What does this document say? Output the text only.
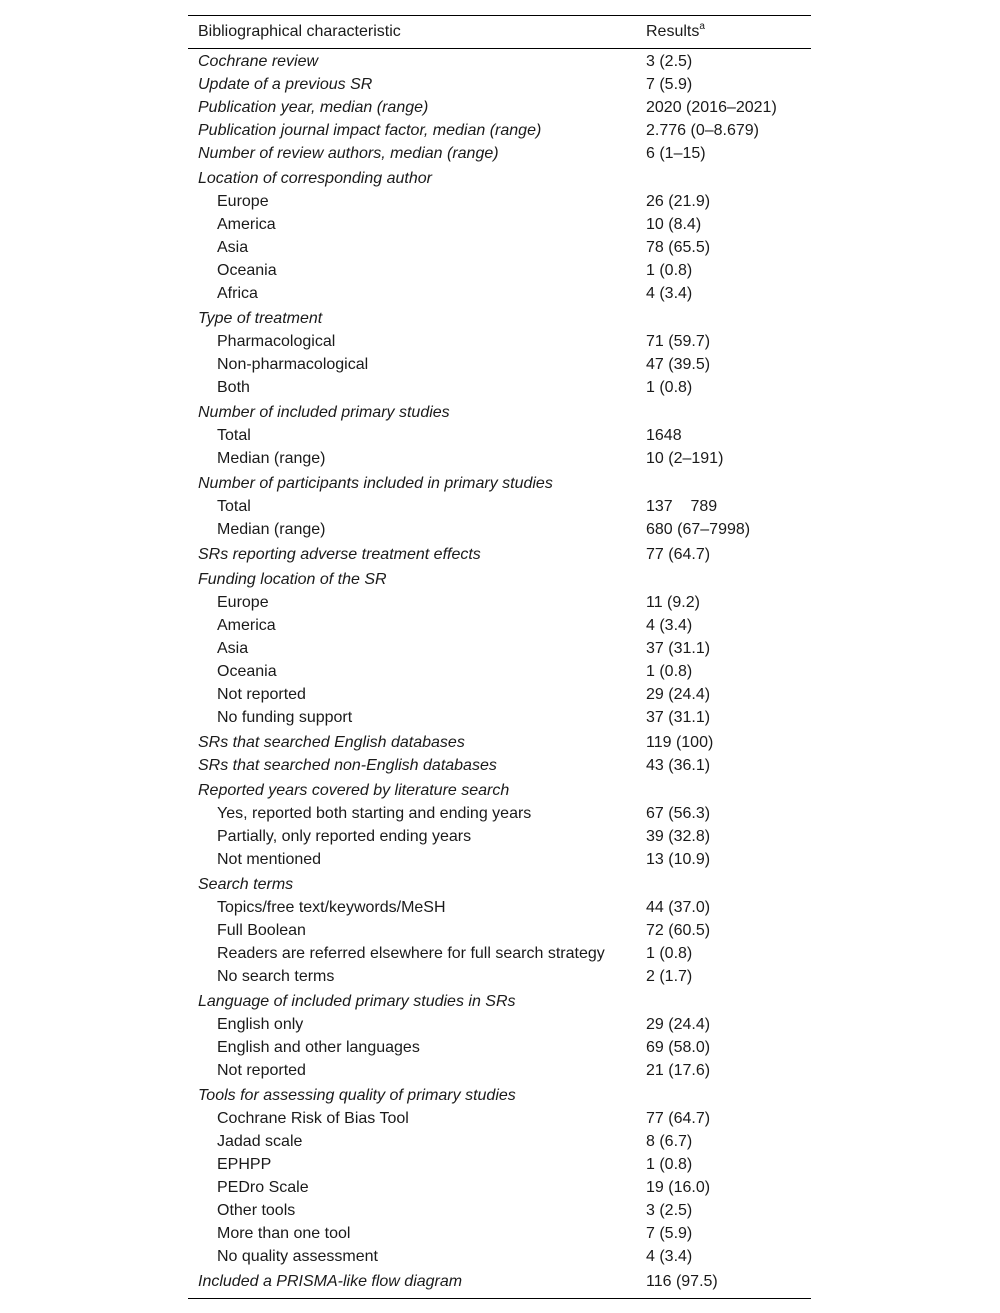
Bibliographical characteristic	Results$^a$
Cochrane review	3 (2.5)
Update of a previous SR	7 (5.9)
Publication year, median (range)	2020 (2016–2021)
Publication journal impact factor, median (range)	2.776 (0–8.679)
Number of review authors, median (range)	6 (1–15)
Location of corresponding author
Europe	26 (21.9)
America	10 (8.4)
Asia	78 (65.5)
Oceania	1 (0.8)
Africa	4 (3.4)
Type of treatment
Pharmacological	71 (59.7)
Non-pharmacological	47 (39.5)
Both	1 (0.8)
Number of included primary studies
Total	1648
Median (range)	10 (2–191)
Number of participants included in primary studies
Total	137    789
Median (range)	680 (67–7998)
SRs reporting adverse treatment effects	77 (64.7)
Funding location of the SR
Europe	11 (9.2)
America	4 (3.4)
Asia	37 (31.1)
Oceania	1 (0.8)
Not reported	29 (24.4)
No funding support	37 (31.1)
SRs that searched English databases	119 (100)
SRs that searched non-English databases	43 (36.1)
Reported years covered by literature search
Yes, reported both starting and ending years	67 (56.3)
Partially, only reported ending years	39 (32.8)
Not mentioned	13 (10.9)
Search terms
Topics/free text/keywords/MeSH	44 (37.0)
Full Boolean	72 (60.5)
Readers are referred elsewhere for full search strategy	1 (0.8)
No search terms	2 (1.7)
Language of included primary studies in SRs
English only	29 (24.4)
English and other languages	69 (58.0)
Not reported	21 (17.6)
Tools for assessing quality of primary studies
Cochrane Risk of Bias Tool	77 (64.7)
Jadad scale	8 (6.7)
EPHPP	1 (0.8)
PEDro Scale	19 (16.0)
Other tools	3 (2.5)
More than one tool	7 (5.9)
No quality assessment	4 (3.4)
Included a PRISMA-like flow diagram	116 (97.5)
